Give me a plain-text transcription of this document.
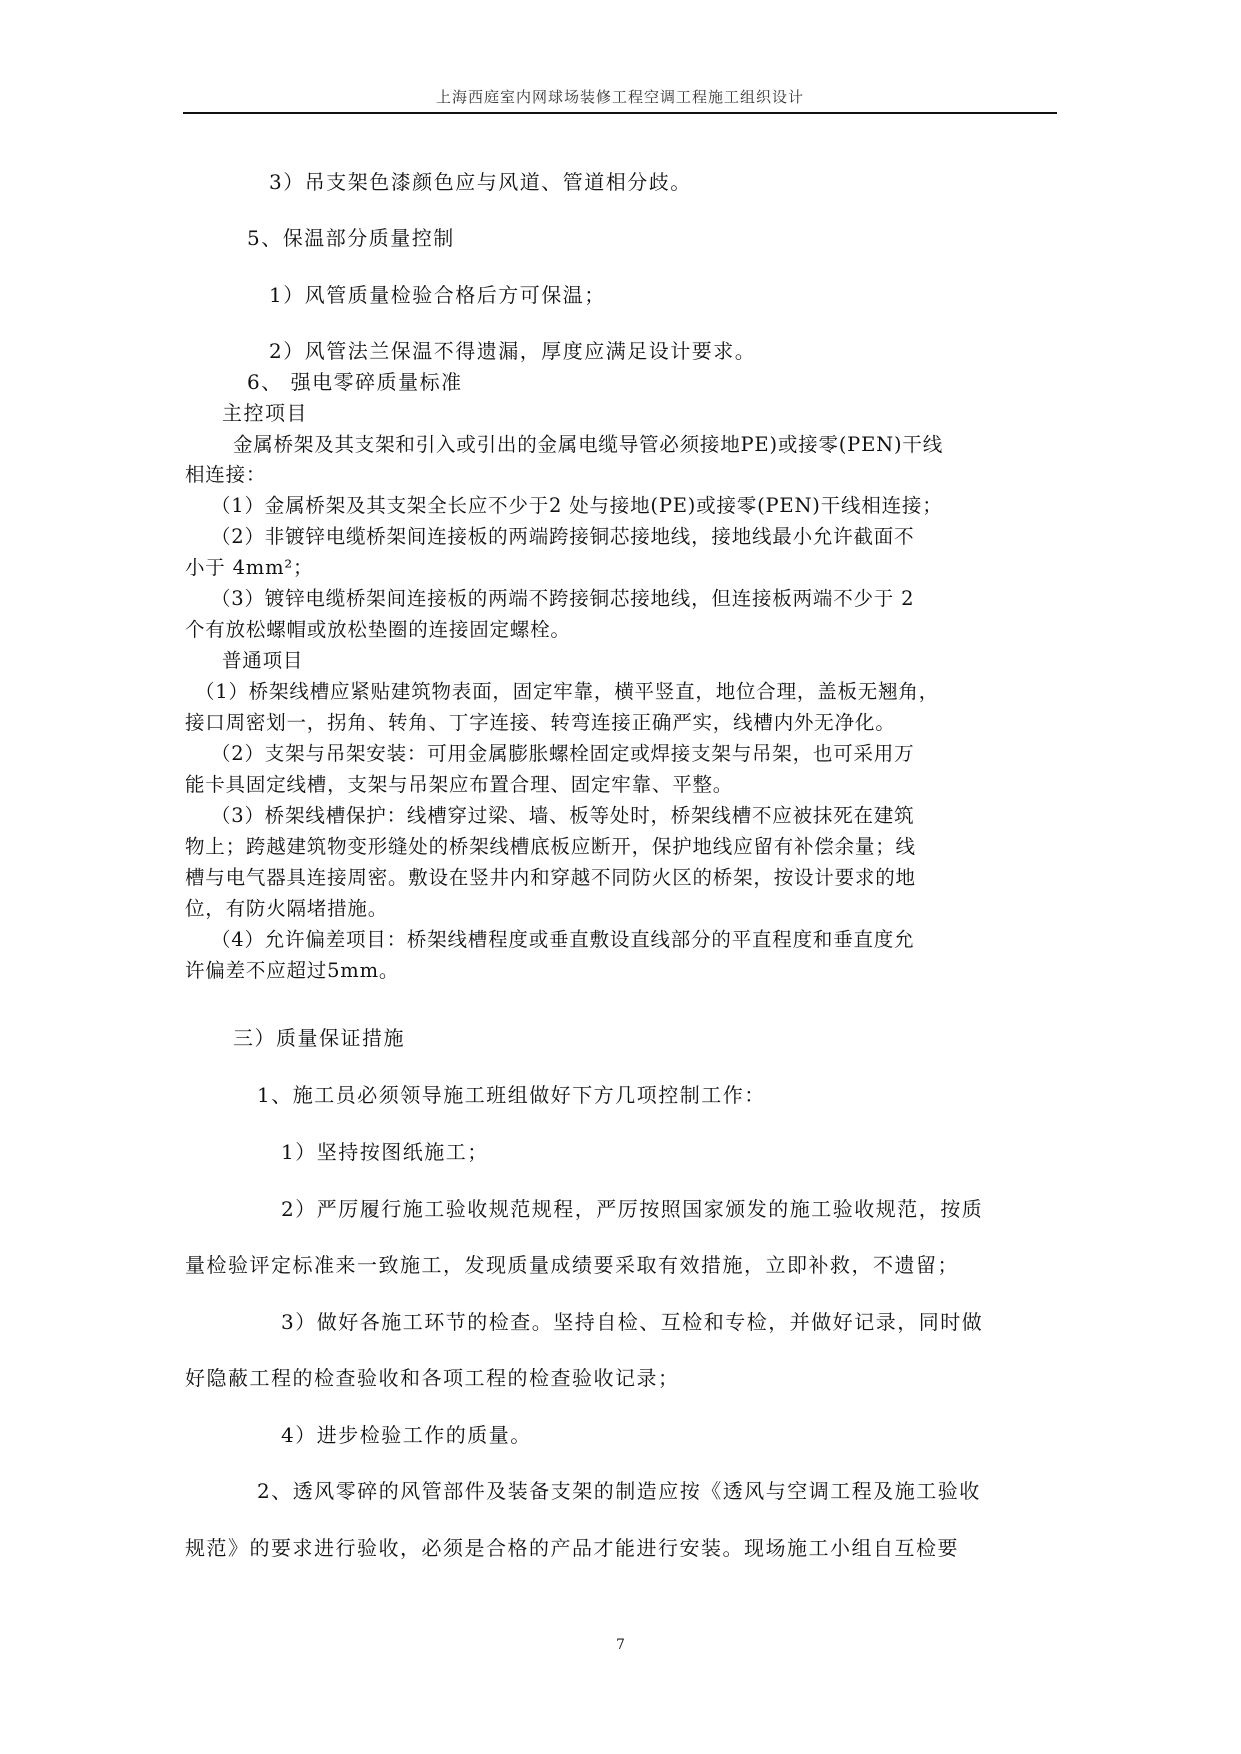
上海西庭室内网球场装修工程空调工程施工组织设计
3）吊支架色漆颜色应与风道、管道相分歧。
5、保温部分质量控制
1）风管质量检验合格后方可保温；
2）风管法兰保温不得遗漏，厚度应满足设计要求。
6、 强电零碎质量标准
主控项目
金属桥架及其支架和引入或引出的金属电缆导管必须接地PE)或接零(PEN)干线
相连接：
（1）金属桥架及其支架全长应不少于2 处与接地(PE)或接零(PEN)干线相连接；
（2）非镀锌电缆桥架间连接板的两端跨接铜芯接地线，接地线最小允许截面不
小于 4mm²；
（3）镀锌电缆桥架间连接板的两端不跨接铜芯接地线，但连接板两端不少于 2
个有放松螺帽或放松垫圈的连接固定螺栓。
普通项目
（1）桥架线槽应紧贴建筑物表面，固定牢靠，横平竖直，地位合理，盖板无翘角，
接口周密划一，拐角、转角、丁字连接、转弯连接正确严实，线槽内外无净化。
（2）支架与吊架安装：可用金属膨胀螺栓固定或焊接支架与吊架，也可采用万
能卡具固定线槽，支架与吊架应布置合理、固定牢靠、平整。
（3）桥架线槽保护：线槽穿过梁、墙、板等处时，桥架线槽不应被抹死在建筑
物上；跨越建筑物变形缝处的桥架线槽底板应断开，保护地线应留有补偿余量；线
槽与电气器具连接周密。敷设在竖井内和穿越不同防火区的桥架，按设计要求的地
位，有防火隔堵措施。
（4）允许偏差项目：桥架线槽程度或垂直敷设直线部分的平直程度和垂直度允
许偏差不应超过5mm。
三）质量保证措施
1、施工员必须领导施工班组做好下方几项控制工作：
1）坚持按图纸施工；
2）严厉履行施工验收规范规程，严厉按照国家颁发的施工验收规范，按质
量检验评定标准来一致施工，发现质量成绩要采取有效措施，立即补救，不遗留；
3）做好各施工环节的检查。坚持自检、互检和专检，并做好记录，同时做
好隐蔽工程的检查验收和各项工程的检查验收记录；
4）进步检验工作的质量。
2、透风零碎的风管部件及装备支架的制造应按《透风与空调工程及施工验收
规范》的要求进行验收，必须是合格的产品才能进行安装。现场施工小组自互检要
7
